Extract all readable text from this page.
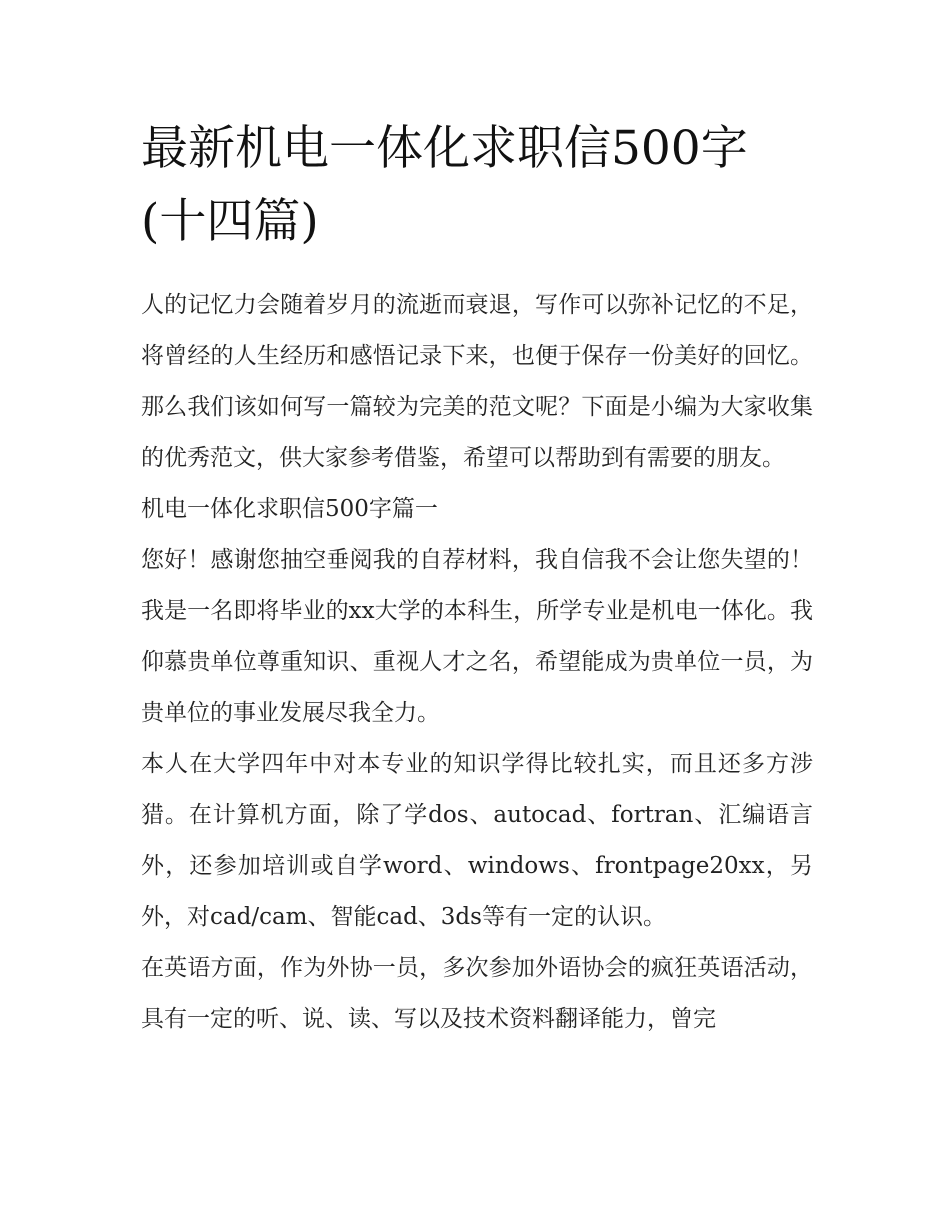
最新机电一体化求职信500字
(十四篇)

人的记忆力会随着岁月的流逝而衰退，写作可以弥补记忆的不足，将曾经的人生经历和感悟记录下来，也便于保存一份美好的回忆。那么我们该如何写一篇较为完美的范文呢？下面是小编为大家收集的优秀范文，供大家参考借鉴，希望可以帮助到有需要的朋友。

机电一体化求职信500字篇一

您好！感谢您抽空垂阅我的自荐材料，我自信我不会让您失望的！我是一名即将毕业的xx大学的本科生，所学专业是机电一体化。我仰慕贵单位尊重知识、重视人才之名，希望能成为贵单位一员，为贵单位的事业发展尽我全力。

本人在大学四年中对本专业的知识学得比较扎实，而且还多方涉猎。在计算机方面，除了学dos、autocad、fortran、汇编语言外，还参加培训或自学word、windows、frontpage20xx，另外，对cad/cam、智能cad、3ds等有一定的认识。

在英语方面，作为外协一员，多次参加外语协会的疯狂英语活动，具有一定的听、说、读、写以及技术资料翻译能力，曾完
